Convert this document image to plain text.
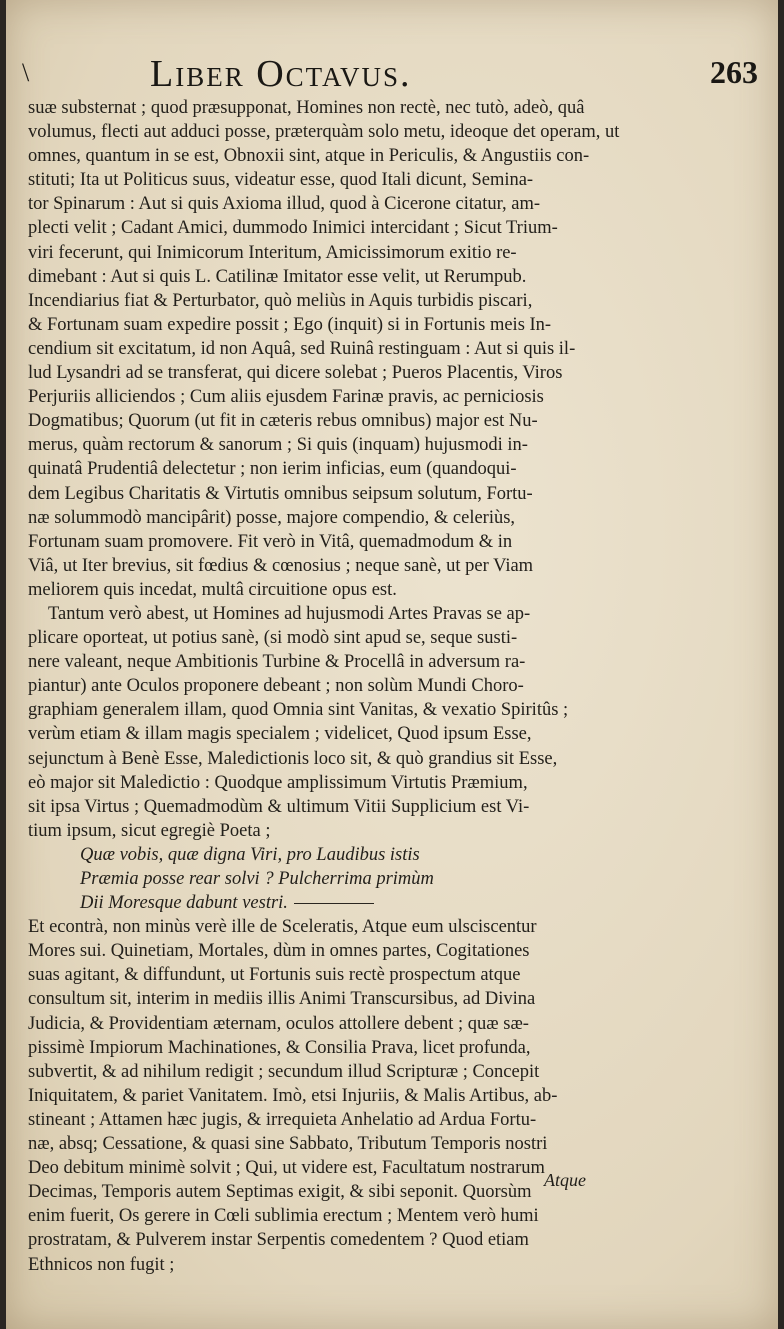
\	Liber Octavus.	263
suæ substernat ; quod præsupponat, Homines non rectè, nec tutò, adeò, quâ
volumus, flecti aut adduci posse, præterquàm solo metu, ideoque det operam, ut
omnes, quantum in se est, Obnoxii sint, atque in Periculis, & Angustiis con-
stituti; Ita ut Politicus suus, videatur esse, quod Itali dicunt, Semina-
tor Spinarum : Aut si quis Axioma illud, quod à Cicerone citatur, am-
plecti velit ; Cadant Amici, dummodo Inimici intercidant ; Sicut Trium-
viri fecerunt, qui Inimicorum Interitum, Amicissimorum exitio re-
dimebant : Aut si quis L. Catilinæ Imitator esse velit, ut Rerumpub.
Incendiarius fiat & Perturbator, quò meliùs in Aquis turbidis piscari,
& Fortunam suam expedire possit ; Ego (inquit) si in Fortunis meis In-
cendium sit excitatum, id non Aquâ, sed Ruinâ restinguam : Aut si quis il-
lud Lysandri ad se transferat, qui dicere solebat ; Pueros Placentis, Viros
Perjuriis alliciendos ; Cum aliis ejusdem Farinæ pravis, ac perniciosis
Dogmatibus; Quorum (ut fit in cæteris rebus omnibus) major est Nu-
merus, quàm rectorum & sanorum ; Si quis (inquam) hujusmodi in-
quinatâ Prudentiâ delectetur ; non ierim inficias, eum (quandoqui-
dem Legibus Charitatis & Virtutis omnibus seipsum solutum, Fortu-
næ solummodò mancipârit) posse, majore compendio, & celeriùs,
Fortunam suam promovere. Fit verò in Vitâ, quemadmodum & in
Viâ, ut Iter brevius, sit fœdius & cœnosius ; neque sanè, ut per Viam
meliorem quis incedat, multâ circuitione opus est.
Tantum verò abest, ut Homines ad hujusmodi Artes Pravas se ap-
plicare oporteat, ut potius sanè, (si modò sint apud se, seque susti-
nere valeant, neque Ambitionis Turbine & Procellâ in adversum ra-
piantur) ante Oculos proponere debeant ; non solùm Mundi Choro-
graphiam generalem illam, quod Omnia sint Vanitas, & vexatio Spiritûs ;
verùm etiam & illam magis specialem ; videlicet, Quod ipsum Esse,
sejunctum à Benè Esse, Maledictionis loco sit, & quò grandius sit Esse,
eò major sit Maledictio : Quodque amplissimum Virtutis Præmium,
sit ipsa Virtus ; Quemadmodùm & ultimum Vitii Supplicium est Vi-
tium ipsum, sicut egregiè Poeta ;
Quæ vobis, quæ digna Viri, pro Laudibus istis
Præmia posse rear solvi ? Pulcherrima primùm
Dii Moresque dabunt vestri.
Et econtrà, non minùs verè ille de Sceleratis, Atque eum ulsciscentur
Mores sui. Quinetiam, Mortales, dùm in omnes partes, Cogitationes
suas agitant, & diffundunt, ut Fortunis suis rectè prospectum atque
consultum sit, interim in mediis illis Animi Transcursibus, ad Divina
Judicia, & Providentiam æternam, oculos attollere debent ; quæ sæ-
pissimè Impiorum Machinationes, & Consilia Prava, licet profunda,
subvertit, & ad nihilum redigit ; secundum illud Scripturæ ; Concepit
Iniquitatem, & pariet Vanitatem. Imò, etsi Injuriis, & Malis Artibus, ab-
stineant ; Attamen hæc jugis, & irrequieta Anhelatio ad Ardua Fortu-
næ, absq; Cessatione, & quasi sine Sabbato, Tributum Temporis nostri
Deo debitum minimè solvit ; Qui, ut videre est, Facultatum nostrarum
Decimas, Temporis autem Septimas exigit, & sibi seponit. Quorsùm
enim fuerit, Os gerere in Cœli sublimia erectum ; Mentem verò humi
prostratam, & Pulverem instar Serpentis comedentem ? Quod etiam
Ethnicos non fugit ;
Atque
